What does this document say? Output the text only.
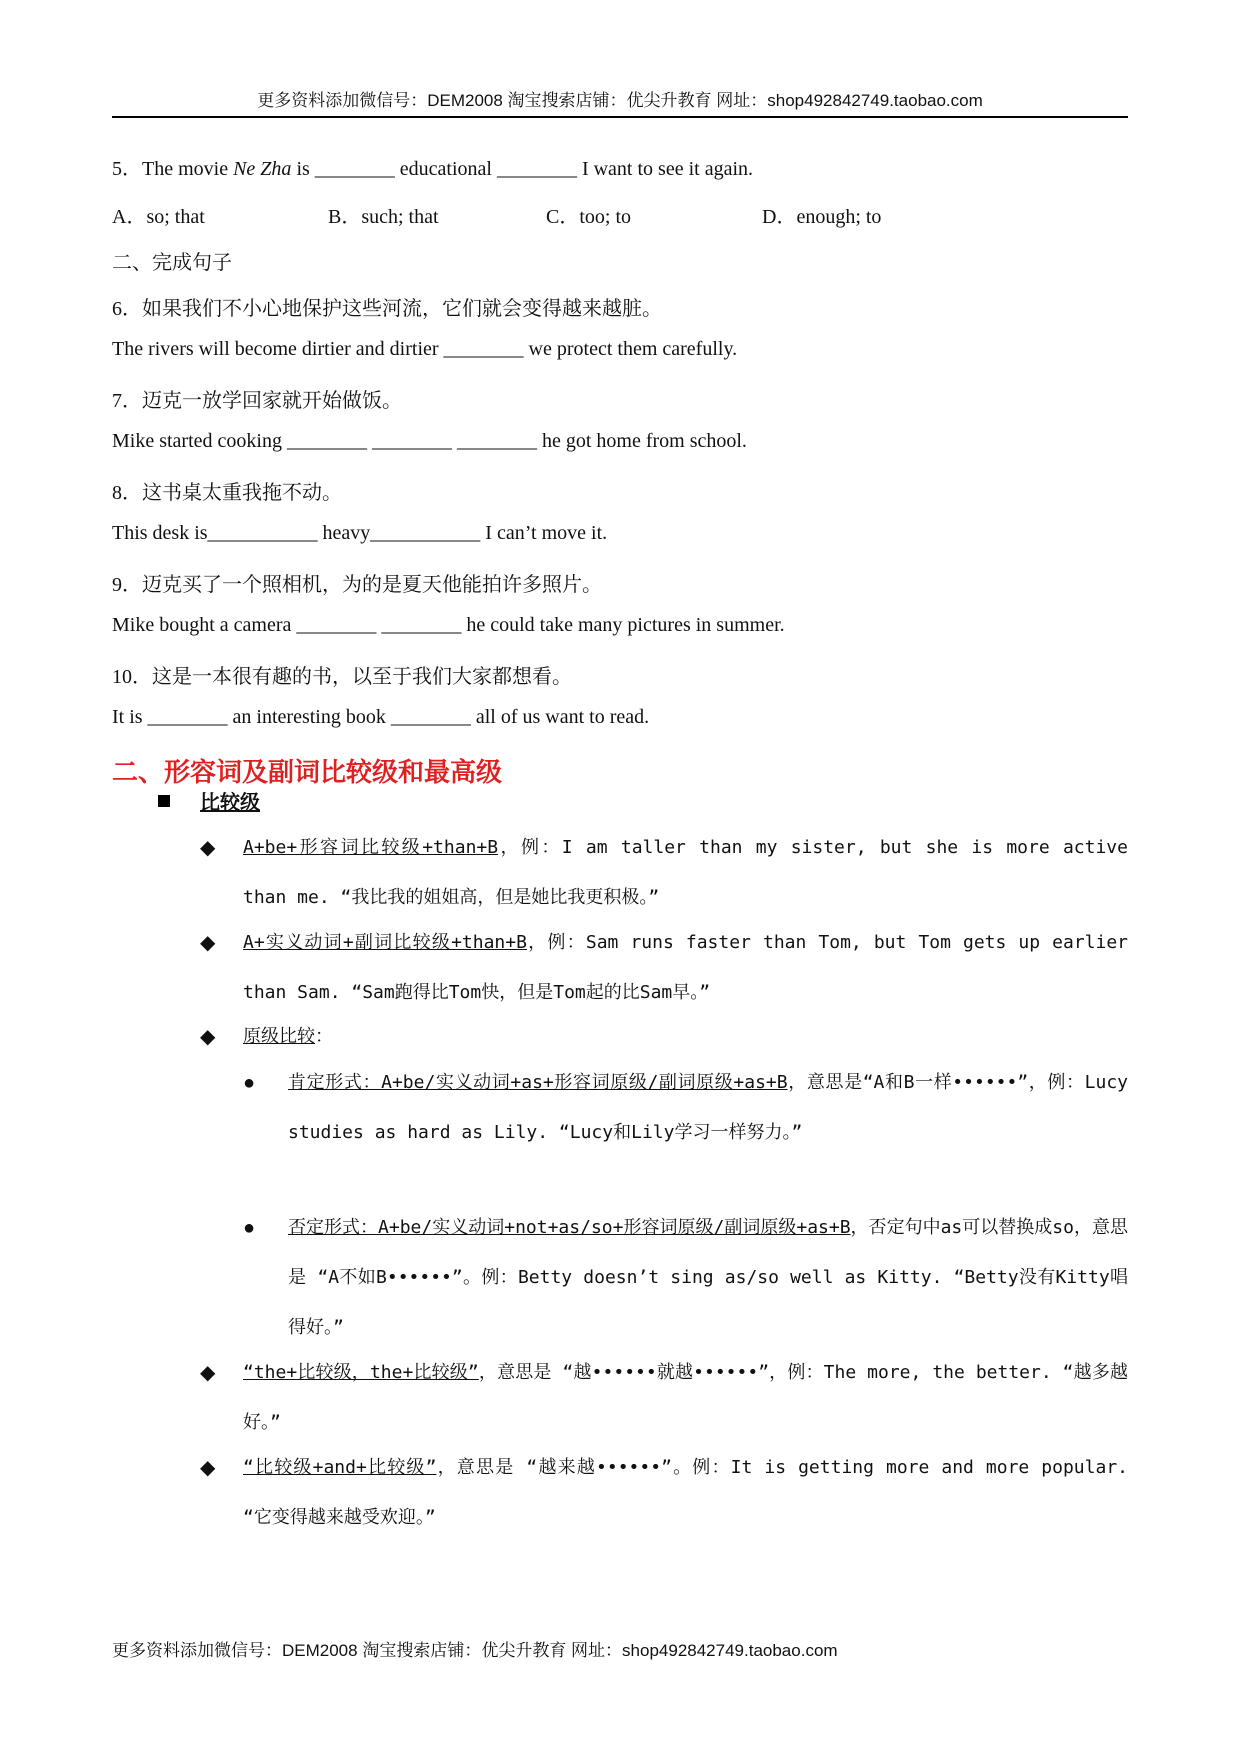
更多资料添加微信号：DEM2008 淘宝搜索店铺：优尖升教育 网址：shop492842749.taobao.com
5．The movie Ne Zha is ________ educational ________ I want to see it again.
A．so; that	B．such; that	C．too; to	D．enough; to
二、完成句子
6．如果我们不小心地保护这些河流，它们就会变得越来越脏。
The rivers will become dirtier and dirtier ________ we protect them carefully.
7．迈克一放学回家就开始做饭。
Mike started cooking ________ ________ ________ he got home from school.
8．这书桌太重我拖不动。
This desk is___________ heavy___________ I can’t move it.
9．迈克买了一个照相机，为的是夏天他能拍许多照片。
Mike bought a camera ________ ________ he could take many pictures in summer.
10．这是一本很有趣的书，以至于我们大家都想看。
It is ________ an interesting book ________ all of us want to read.
二、形容词及副词比较级和最高级
比较级
◆ A+be+形容词比较级+than+B，例：I am taller than my sister, but she is more active than me. “我比我的姐姐高，但是她比我更积极。”
◆ A+实义动词+副词比较级+than+B，例：Sam runs faster than Tom, but Tom gets up earlier than Sam. “Sam跑得比Tom快，但是Tom起的比Sam早。”
◆ 原级比较：
● 肯定形式：A+be/实义动词+as+形容词原级/副词原级+as+B，意思是“A和B一样••••••”，例：Lucy studies as hard as Lily. “Lucy和Lily学习一样努力。”
● 否定形式：A+be/实义动词+not+as/so+形容词原级/副词原级+as+B，否定句中as可以替换成so，意思是 “A不如B••••••”。例：Betty doesn’t sing as/so well as Kitty. “Betty没有Kitty唱得好。”
◆ “the+比较级，the+比较级”，意思是 “越••••••就越••••••”，例：The more, the better. “越多越好。”
◆ “比较级+and+比较级”，意思是 “越来越••••••”。例：It is getting more and more popular. “它变得越来越受欢迎。”
更多资料添加微信号：DEM2008 淘宝搜索店铺：优尖升教育 网址：shop492842749.taobao.com
